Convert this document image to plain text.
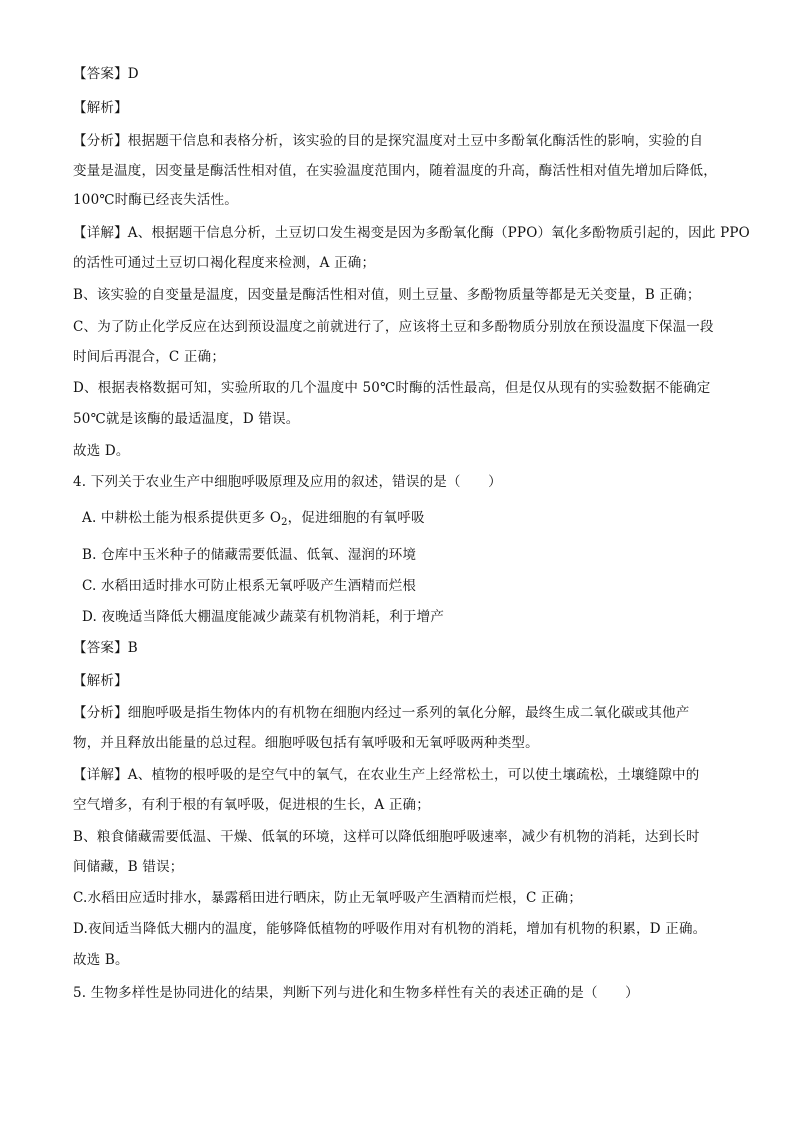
【答案】D
【解析】
【分析】根据题干信息和表格分析，该实验的目的是探究温度对土豆中多酚氧化酶活性的影响，实验的自
变量是温度，因变量是酶活性相对值，在实验温度范围内，随着温度的升高，酶活性相对值先增加后降低，
100℃时酶已经丧失活性。
【详解】A、根据题干信息分析，土豆切口发生褐变是因为多酚氧化酶（PPO）氧化多酚物质引起的，因此 PPO
的活性可通过土豆切口褐化程度来检测，A 正确；
B、该实验的自变量是温度，因变量是酶活性相对值，则土豆量、多酚物质量等都是无关变量，B 正确；
C、为了防止化学反应在达到预设温度之前就进行了，应该将土豆和多酚物质分别放在预设温度下保温一段
时间后再混合，C 正确；
D、根据表格数据可知，实验所取的几个温度中 50℃时酶的活性最高，但是仅从现有的实验数据不能确定
50℃就是该酶的最适温度，D 错误。
故选 D。
4. 下列关于农业生产中细胞呼吸原理及应用的叙述，错误的是（　　）
A. 中耕松土能为根系提供更多 $O_2$，促进细胞的有氧呼吸
B. 仓库中玉米种子的储藏需要低温、低氧、湿润的环境
C. 水稻田适时排水可防止根系无氧呼吸产生酒精而烂根
D. 夜晚适当降低大棚温度能减少蔬菜有机物消耗，利于增产
【答案】B
【解析】
【分析】细胞呼吸是指生物体内的有机物在细胞内经过一系列的氧化分解，最终生成二氧化碳或其他产
物，并且释放出能量的总过程。细胞呼吸包括有氧呼吸和无氧呼吸两种类型。
【详解】A、植物的根呼吸的是空气中的氧气，在农业生产上经常松土，可以使土壤疏松，土壤缝隙中的
空气增多，有利于根的有氧呼吸，促进根的生长，A 正确；
B、粮食储藏需要低温、干燥、低氧的环境，这样可以降低细胞呼吸速率，减少有机物的消耗，达到长时
间储藏，B 错误；
C.水稻田应适时排水，暴露稻田进行晒床，防止无氧呼吸产生酒精而烂根，C 正确；
D.夜间适当降低大棚内的温度，能够降低植物的呼吸作用对有机物的消耗，增加有机物的积累，D 正确。
故选 B。
5. 生物多样性是协同进化的结果，判断下列与进化和生物多样性有关的表述正确的是（　　）
